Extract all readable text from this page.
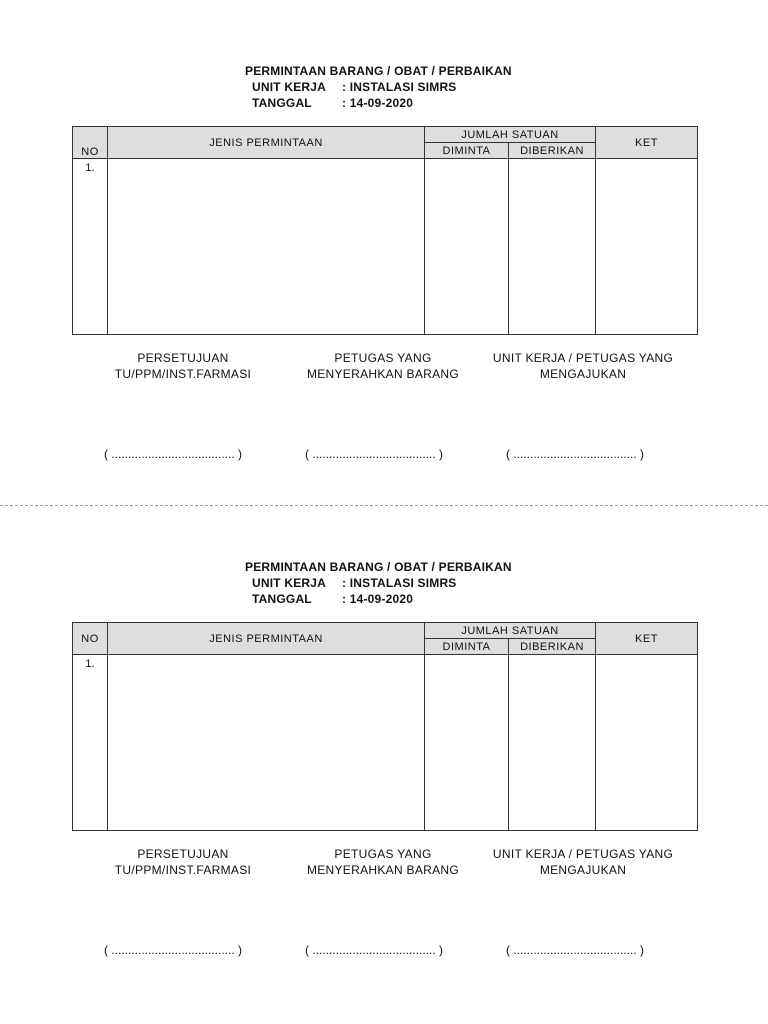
PERMINTAAN BARANG / OBAT / PERBAIKAN
UNIT KERJA : INSTALASI SIMRS
TANGGAL	: 14-09-2020
NO	JENIS PERMINTAAN	JUMLAH SATUAN		KET
		DIMINTA	DIBERIKAN	
1.				
PERSETUJUAN
TU/PPM/INST.FARMASI
PETUGAS YANG
MENYERAHKAN BARANG
UNIT KERJA / PETUGAS YANG
MENGAJUKAN
( ..................................... )	( ..................................... )	( ..................................... )
PERMINTAAN BARANG / OBAT / PERBAIKAN
UNIT KERJA : INSTALASI SIMRS
TANGGAL	: 14-09-2020
NO	JENIS PERMINTAAN	JUMLAH SATUAN		KET
		DIMINTA	DIBERIKAN	
1.				
PERSETUJUAN
TU/PPM/INST.FARMASI
PETUGAS YANG
MENYERAHKAN BARANG
UNIT KERJA / PETUGAS YANG
MENGAJUKAN
( ..................................... )	( ..................................... )	( ..................................... )
